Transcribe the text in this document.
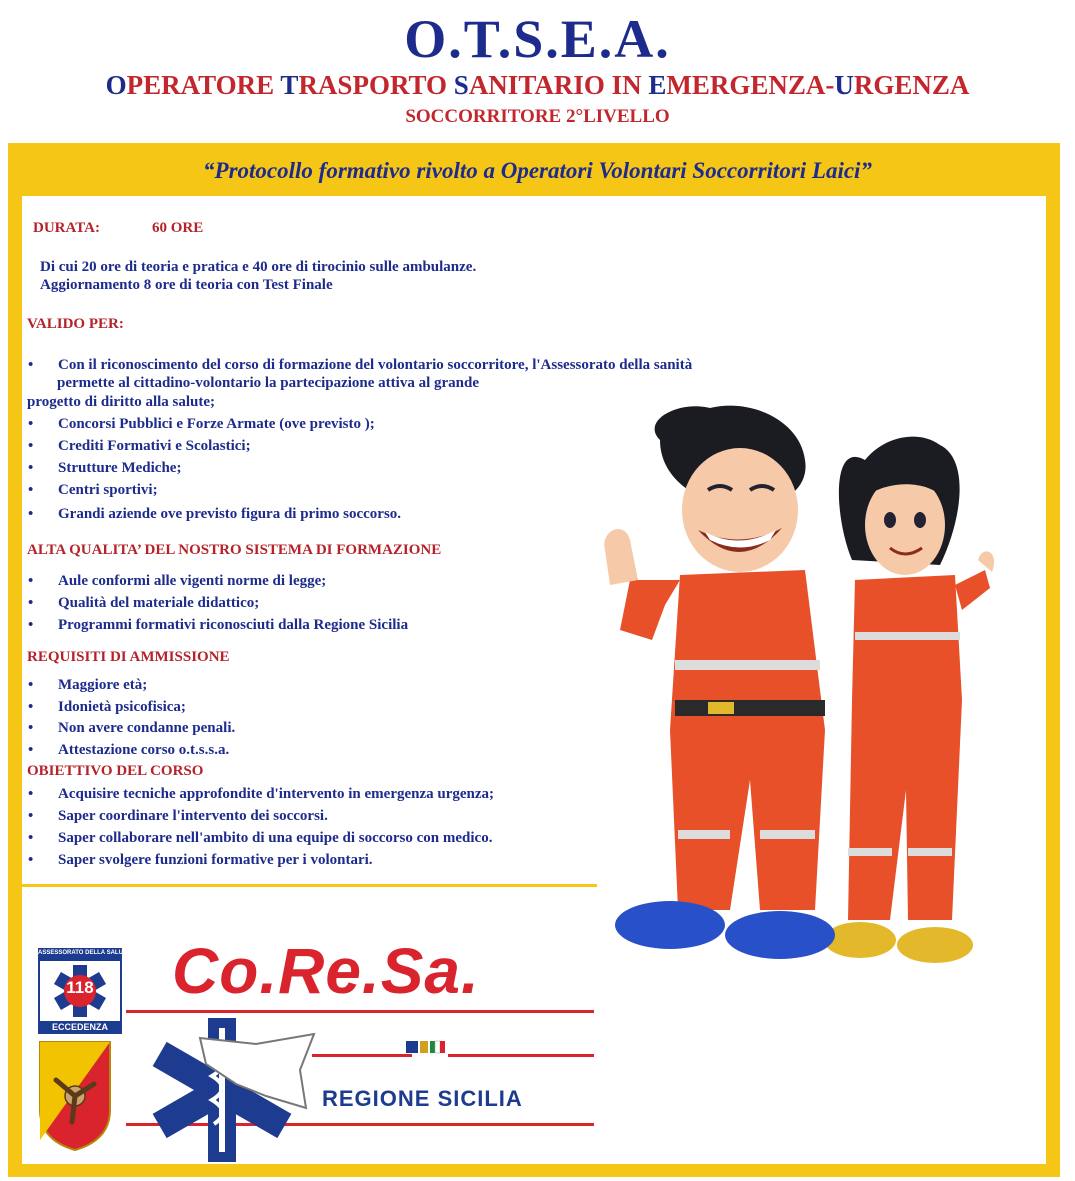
O.T.S.E.A.
OPERATORE TRASPORTO SANITARIO IN EMERGENZA-URGENZA
SOCCORRITORE 2°LIVELLO
“Protocollo formativo rivolto a Operatori Volontari Soccorritori Laici”
DURATA:	60 ORE
Di cui 20 ore di teoria e pratica e 40 ore di tirocinio sulle ambulanze.
Aggiornamento 8 ore di teoria con Test Finale
VALIDO PER:
• Con il riconoscimento del corso di formazione del volontario soccorritore, l'Assessorato della sanità
permette al cittadino-volontario la partecipazione attiva al grande
progetto di diritto alla salute;
• Concorsi Pubblici e Forze Armate (ove previsto );
• Crediti Formativi e Scolastici;
• Strutture Mediche;
• Centri sportivi;
• Grandi aziende ove previsto figura di primo soccorso.
ALTA QUALITA’ DEL NOSTRO SISTEMA DI FORMAZIONE
• Aule conformi alle vigenti norme di legge;
• Qualità del materiale didattico;
• Programmi formativi riconosciuti dalla Regione Sicilia
REQUISITI DI AMMISSIONE
• Maggiore età;
• Idonietà psicofisica;
• Non avere condanne penali.
• Attestazione corso o.t.s.s.a.
OBIETTIVO DEL CORSO
• Acquisire tecniche approfondite d'intervento in emergenza urgenza;
• Saper coordinare l'intervento dei soccorsi.
• Saper collaborare nell'ambito di una equipe di soccorso con medico.
• Saper svolgere funzioni formative per i volontari.
Co.Re.Sa.
REGIONE SICILIA
ASSESSORATO DELLA SALUTE
118
ECCEDENZA
